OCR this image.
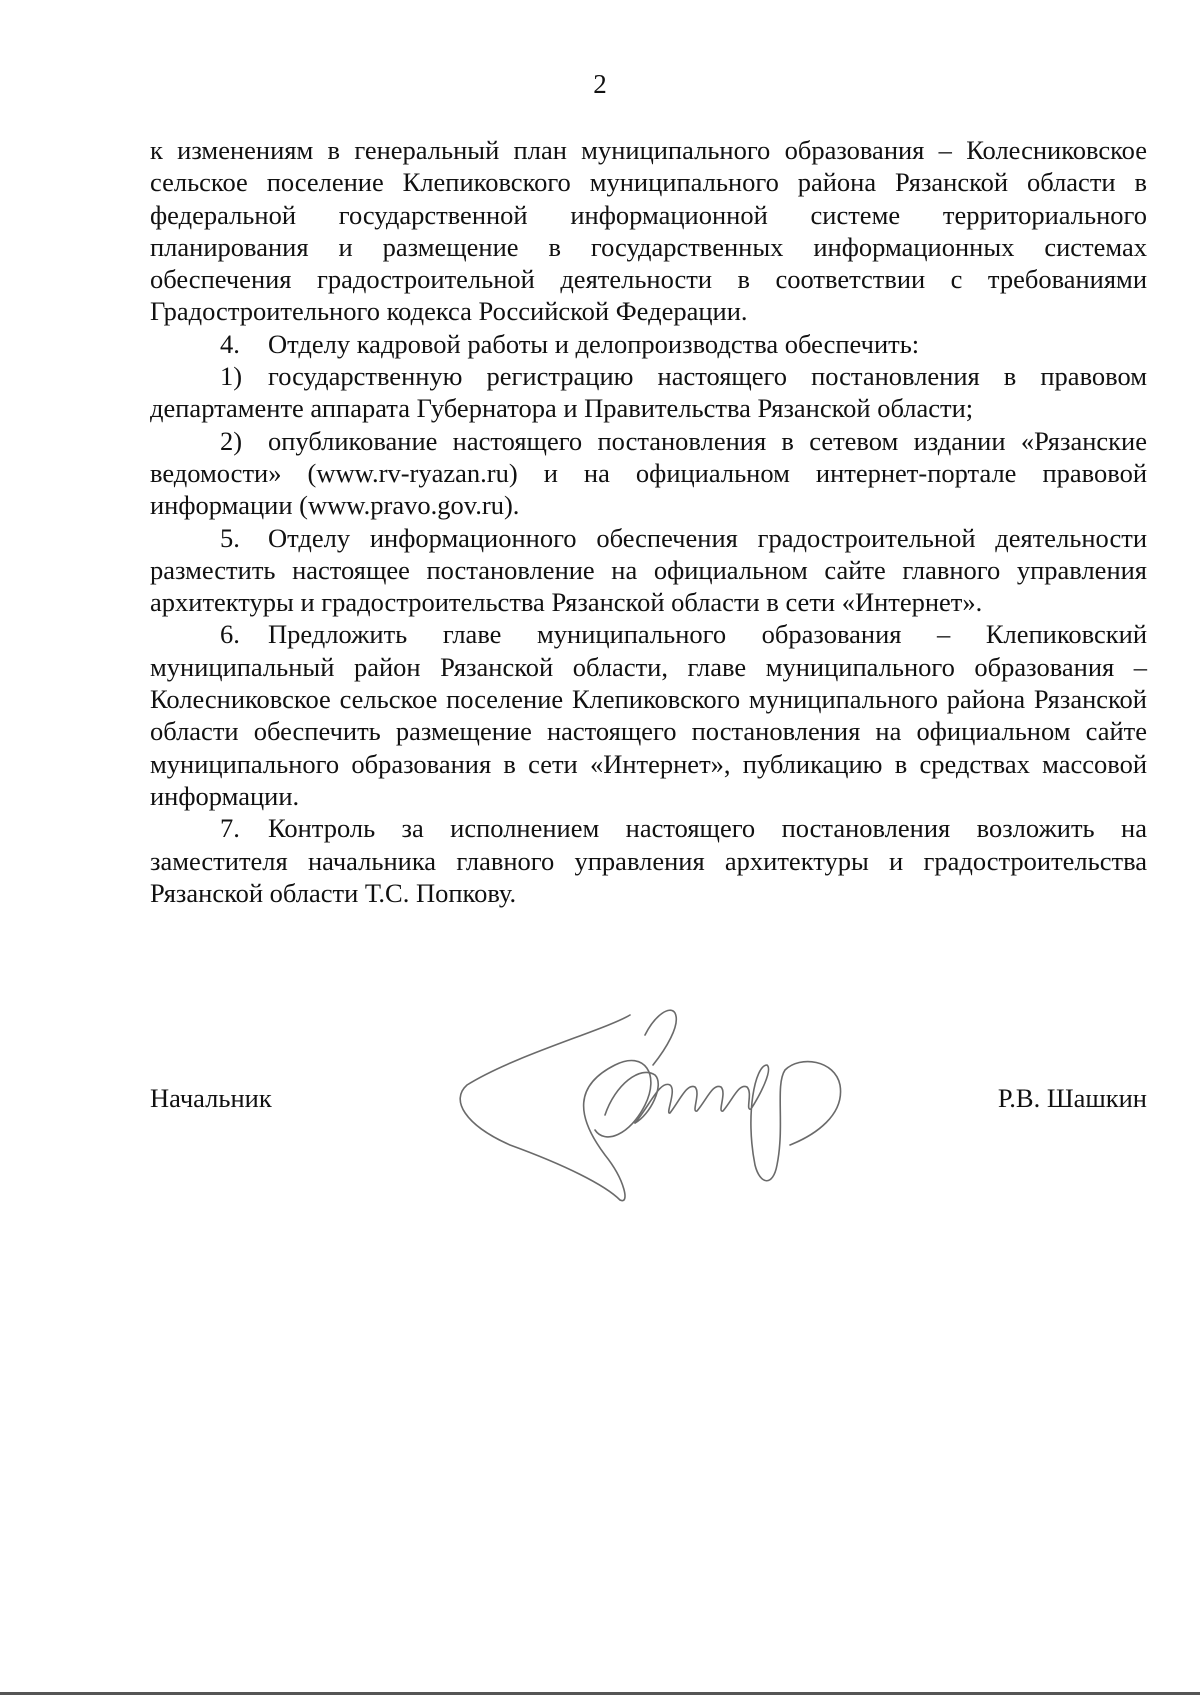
2

к изменениям в генеральный план муниципального образования – Колесниковское сельское поселение Клепиковского муниципального района Рязанской области в федеральной государственной информационной системе территориального планирования и размещение в государственных информационных системах обеспечения градостроительной деятельности в соответствии с требованиями Градостроительного кодекса Российской Федерации.

4. Отделу кадровой работы и делопроизводства обеспечить:

1) государственную регистрацию настоящего постановления в правовом департаменте аппарата Губернатора и Правительства Рязанской области;

2) опубликование настоящего постановления в сетевом издании «Рязанские ведомости» (www.rv-ryazan.ru) и на официальном интернет-портале правовой информации (www.pravo.gov.ru).

5. Отделу информационного обеспечения градостроительной деятельности разместить настоящее постановление на официальном сайте главного управления архитектуры и градостроительства Рязанской области в сети «Интернет».

6. Предложить главе муниципального образования – Клепиковский муниципальный район Рязанской области, главе муниципального образования – Колесниковское сельское поселение Клепиковского муниципального района Рязанской области обеспечить размещение настоящего постановления на официальном сайте муниципального образования в сети «Интернет», публикацию в средствах массовой информации.

7. Контроль за исполнением настоящего постановления возложить на заместителя начальника главного управления архитектуры и градостроительства Рязанской области Т.С. Попкову.

Начальник	Р.В. Шашкин
